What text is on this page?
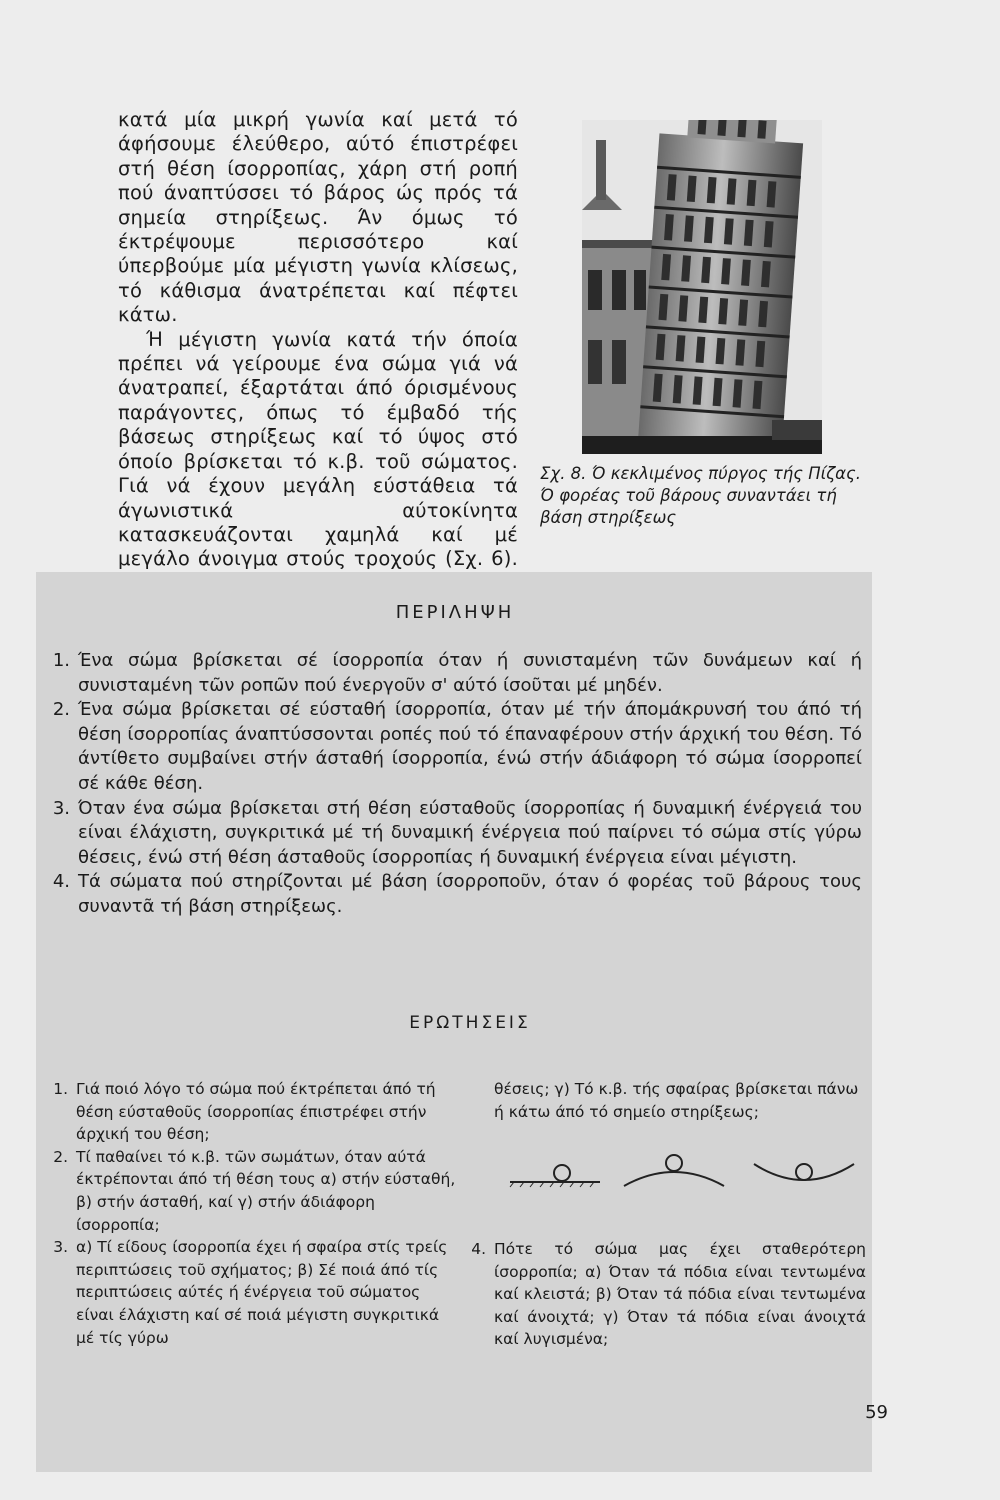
κατά μία μικρή γωνία καί μετά τό άφήσουμε έλεύθερο, αύτό έπιστρέφει στή θέση ίσορροπίας, χάρη στή ροπή πού άναπτύσσει τό βάρος ώς πρός τά σημεία στηρίξεως. Άν όμως τό έκτρέψουμε περισσότερο καί ύπερβούμε μία μέγιστη γωνία κλίσεως, τό κάθισμα άνατρέπεται καί πέφτει κάτω.

Ή μέγιστη γωνία κατά τήν όποία πρέπει νά γείρουμε ένα σώμα γιά νά άνατραπεί, έξαρτάται άπό όρισμένους παράγοντες, όπως τό έμβαδό τής βάσεως στηρίξεως καί τό ύψος στό όποίο βρίσκεται τό κ.β. τοῦ σώματος. Γιά νά έχουν μεγάλη εύστάθεια τά άγωνιστικά αύτοκίνητα κατασκευάζονται χαμηλά καί μέ μεγάλο άνοιγμα στούς τροχούς (Σχ. 6).

Σχ. 8. Ό κεκλιμένος πύργος τής Πίζας. Ό φορέας τοῦ βάρους συναντάει τή βάση στηρίξεως
ΠΕΡΙΛΗΨΗ
1. Ένα σώμα βρίσκεται σέ ίσορροπία όταν ή συνισταμένη τῶν δυνάμεων καί ή συνισταμένη τῶν ροπῶν πού ένεργοῦν σ' αύτό ίσοῦται μέ μηδέν.
2. Ένα σώμα βρίσκεται σέ εύσταθή ίσορροπία, όταν μέ τήν άπομάκρυνσή του άπό τή θέση ίσορροπίας άναπτύσσονται ροπές πού τό έπαναφέρουν στήν άρχική του θέση. Τό άντίθετο συμβαίνει στήν άσταθή ίσορροπία, ένώ στήν άδιάφορη τό σώμα ίσορροπεί σέ κάθε θέση.
3. Όταν ένα σώμα βρίσκεται στή θέση εύσταθοῦς ίσορροπίας ή δυναμική ένέργειά του είναι έλάχιστη, συγκριτικά μέ τή δυναμική ένέργεια πού παίρνει τό σώμα στίς γύρω θέσεις, ένώ στή θέση άσταθοῦς ίσορροπίας ή δυναμική ένέργεια είναι μέγιστη.
4. Τά σώματα πού στηρίζονται μέ βάση ίσορροποῦν, όταν ό φορέας τοῦ βάρους τους συναντᾶ τή βάση στηρίξεως.
ΕΡΩΤΗΣΕΙΣ
1. Γιά ποιό λόγο τό σώμα πού έκτρέπεται άπό τή θέση εύσταθοῦς ίσορροπίας έπιστρέφει στήν άρχική του θέση;
2. Τί παθαίνει τό κ.β. τῶν σωμάτων, όταν αύτά έκτρέπονται άπό τή θέση τους α) στήν εύσταθή, β) στήν άσταθή, καί γ) στήν άδιάφορη ίσορροπία;
3. α) Τί είδους ίσορροπία έχει ή σφαίρα στίς τρείς περιπτώσεις τοῦ σχήματος; β) Σέ ποιά άπό τίς περιπτώσεις αύτές ή ένέργεια τοῦ σώματος είναι έλάχιστη καί σέ ποιά μέγιστη συγκριτικά μέ τίς γύρω
θέσεις; γ) Τό κ.β. τής σφαίρας βρίσκεται πάνω ή κάτω άπό τό σημείο στηρίξεως;
4. Πότε τό σώμα μας έχει σταθερότερη ίσορροπία; α) Όταν τά πόδια είναι τεντωμένα καί κλειστά; β) Όταν τά πόδια είναι τεντωμένα καί άνοιχτά; γ) Όταν τά πόδια είναι άνοιχτά καί λυγισμένα;
59
